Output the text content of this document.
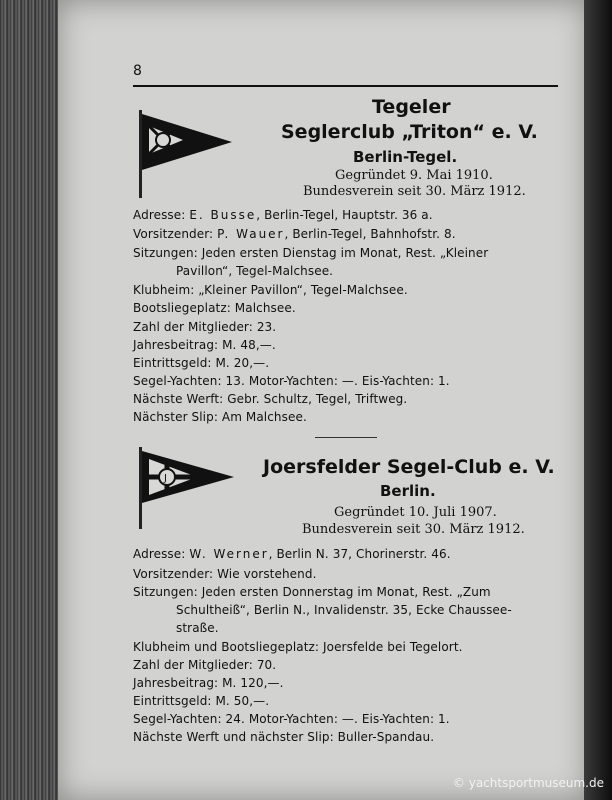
8
Tegeler
Seglerclub „Triton“ e. V.
Berlin-Tegel.
Gegründet 9. Mai 1910.
Bundesverein seit 30. März 1912.
Adresse: E. Busse, Berlin-Tegel, Hauptstr. 36 a.
Vorsitzender: P. Wauer, Berlin-Tegel, Bahnhofstr. 8.
Sitzungen: Jeden ersten Dienstag im Monat, Rest. „Kleiner
Pavillon“, Tegel-Malchsee.
Klubheim: „Kleiner Pavillon“, Tegel-Malchsee.
Bootsliegeplatz: Malchsee.
Zahl der Mitglieder: 23.
Jahresbeitrag: M. 48,—.
Eintrittsgeld: M. 20,—.
Segel-Yachten: 13. Motor-Yachten: —. Eis-Yachten: 1.
Nächste Werft: Gebr. Schultz, Tegel, Triftweg.
Nächster Slip: Am Malchsee.
J
Joersfelder Segel-Club e. V.
Berlin.
Gegründet 10. Juli 1907.
Bundesverein seit 30. März 1912.
Adresse: W. Werner, Berlin N. 37, Chorinerstr. 46.
Vorsitzender: Wie vorstehend.
Sitzungen: Jeden ersten Donnerstag im Monat, Rest. „Zum
Schultheiß“, Berlin N., Invalidenstr. 35, Ecke Chaussee-
straße.
Klubheim und Bootsliegeplatz: Joersfelde bei Tegelort.
Zahl der Mitglieder: 70.
Jahresbeitrag: M. 120,—.
Eintrittsgeld: M. 50,—.
Segel-Yachten: 24. Motor-Yachten: —. Eis-Yachten: 1.
Nächste Werft und nächster Slip: Buller-Spandau.
© yachtsportmuseum.de
